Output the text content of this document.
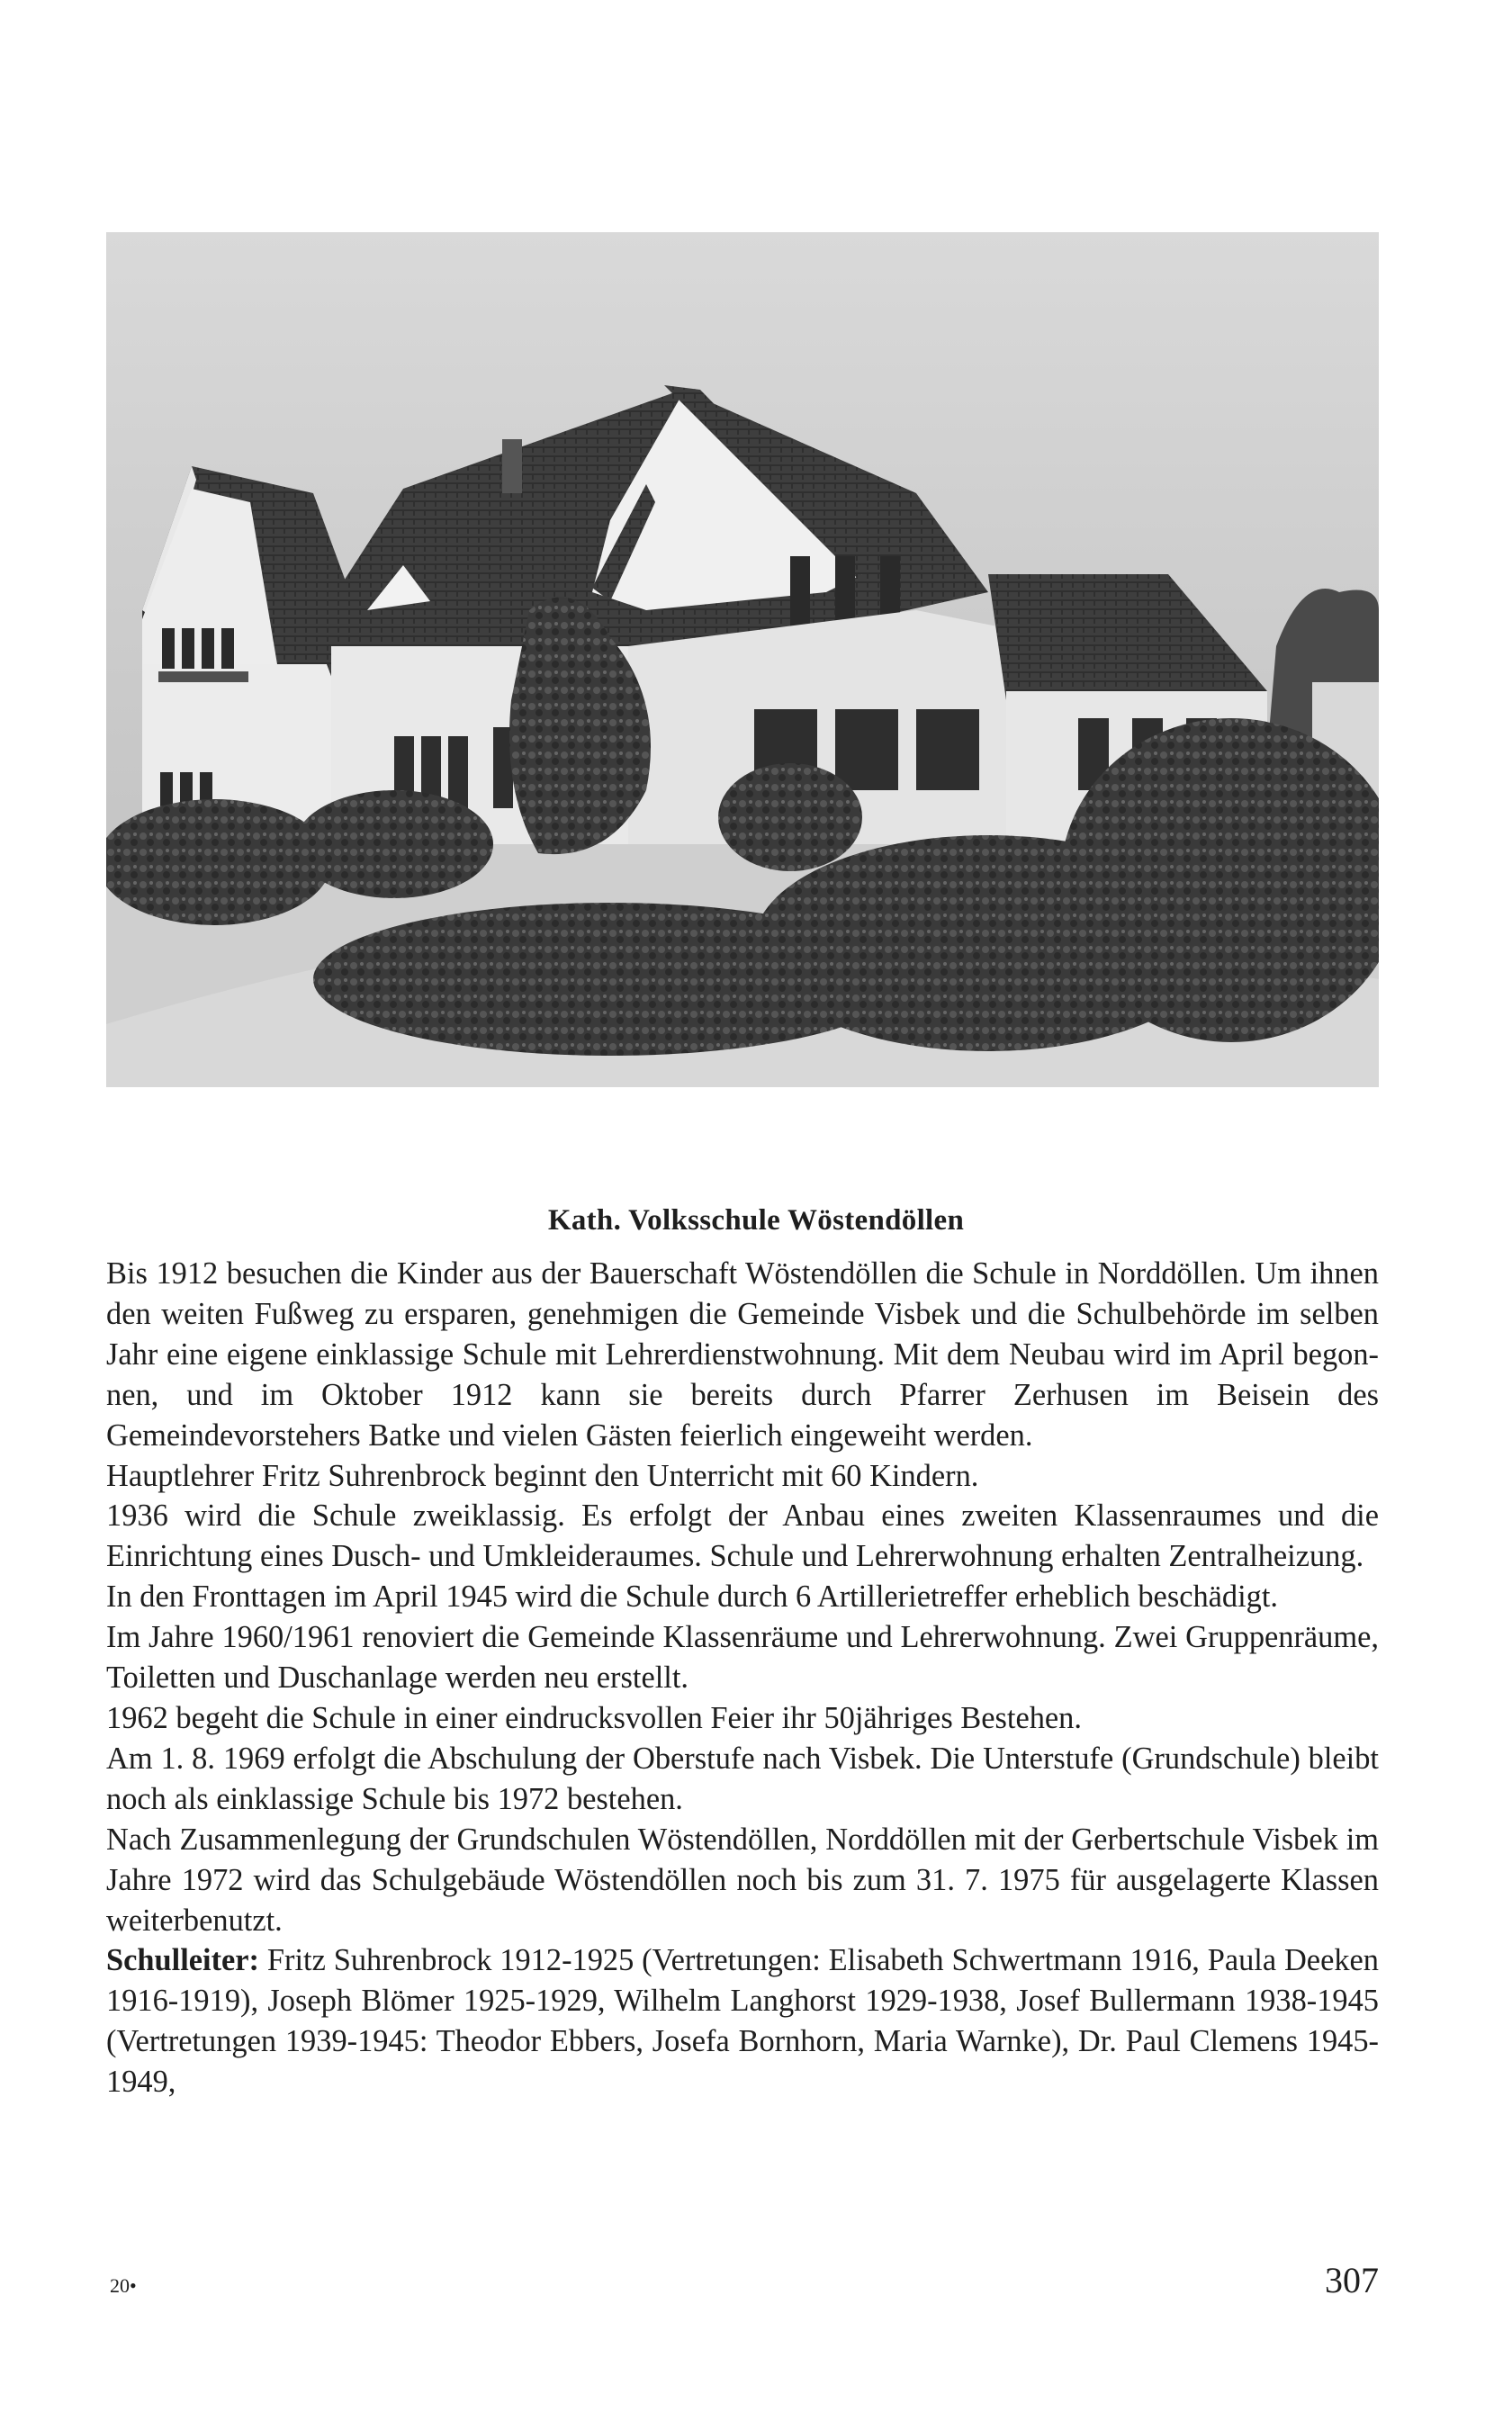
Kath. Volksschule Wöstendöllen

Bis 1912 besuchen die Kinder aus der Bauerschaft Wöstendöllen die Schule in Norddöllen. Um ihnen den weiten Fußweg zu ersparen, genehmigen die Gemeinde Visbek und die Schulbehörde im selben Jahr eine eigene einklassige Schule mit Lehrerdienstwohnung. Mit dem Neubau wird im April begonnen, und im Oktober 1912 kann sie bereits durch Pfarrer Zerhusen im Beisein des Gemeindevorstehers Batke und vielen Gästen feierlich eingeweiht werden.

Hauptlehrer Fritz Suhrenbrock beginnt den Unterricht mit 60 Kindern.

1936 wird die Schule zweiklassig. Es erfolgt der Anbau eines zweiten Klassenraumes und die Einrichtung eines Dusch- und Umkleideraumes. Schule und Lehrerwohnung erhalten Zentralheizung.

In den Fronttagen im April 1945 wird die Schule durch 6 Artillerietreffer erheblich beschädigt.

Im Jahre 1960/1961 renoviert die Gemeinde Klassenräume und Lehrerwohnung. Zwei Gruppenräume, Toiletten und Duschanlage werden neu erstellt.

1962 begeht die Schule in einer eindrucksvollen Feier ihr 50jähriges Bestehen.

Am 1. 8. 1969 erfolgt die Abschulung der Oberstufe nach Visbek. Die Unterstufe (Grundschule) bleibt noch als einklassige Schule bis 1972 bestehen.

Nach Zusammenlegung der Grundschulen Wöstendöllen, Norddöllen mit der Gerbertschule Visbek im Jahre 1972 wird das Schulgebäude Wöstendöllen noch bis zum 31. 7. 1975 für ausgelagerte Klassen weiterbenutzt.

Schulleiter: Fritz Suhrenbrock 1912-1925 (Vertretungen: Elisabeth Schwertmann 1916, Paula Deeken 1916-1919), Joseph Blömer 1925-1929, Wilhelm Langhorst 1929-1938, Josef Bullermann 1938-1945 (Vertretungen 1939-1945: Theodor Ebbers, Josefa Bornhorn, Maria Warnke), Dr. Paul Clemens 1945-1949,

20•	307
